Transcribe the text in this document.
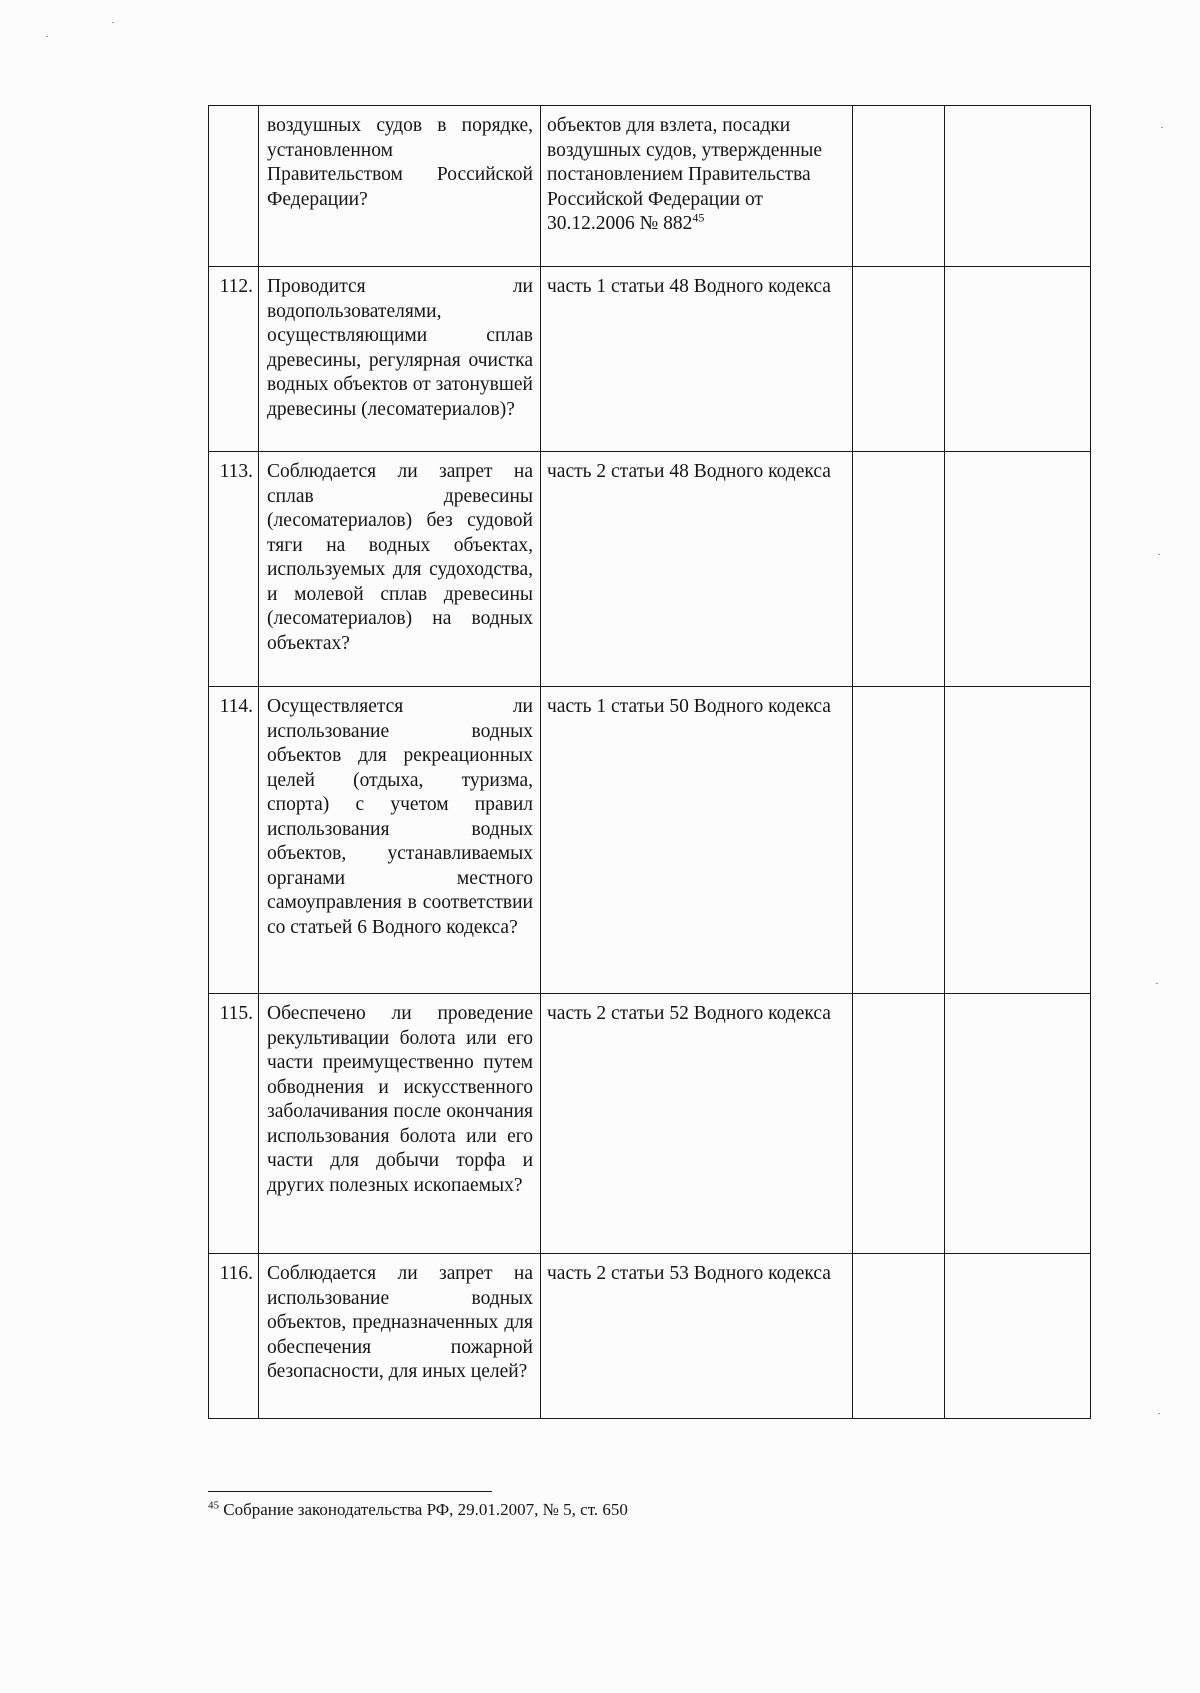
	воздушных судов в порядке, установленном Правительством Российской Федерации?	объектов для взлета, посадки воздушных судов, утвержденные постановлением Правительства Российской Федерации от 30.12.2006 № $882^{45}$		
112.	Проводится ли водопользователями, осуществляющими сплав древесины, регулярная очистка водных объектов от затонувшей древесины (лесоматериалов)?	часть 1 статьи 48 Водного кодекса		
113.	Соблюдается ли запрет на сплав древесины (лесоматериалов) без судовой тяги на водных объектах, используемых для судоходства, и молевой сплав древесины (лесоматериалов) на водных объектах?	часть 2 статьи 48 Водного кодекса		
114.	Осуществляется ли использование водных объектов для рекреационных целей (отдыха, туризма, спорта) с учетом правил использования водных объектов, устанавливаемых органами местного самоуправления в соответствии со статьей 6 Водного кодекса?	часть 1 статьи 50 Водного кодекса		
115.	Обеспечено ли проведение рекультивации болота или его части преимущественно путем обводнения и искусственного заболачивания после окончания использования болота или его части для добычи торфа и других полезных ископаемых?	часть 2 статьи 52 Водного кодекса		
116.	Соблюдается ли запрет на использование водных объектов, предназначенных для обеспечения пожарной безопасности, для иных целей?	часть 2 статьи 53 Водного кодекса		
$^{45}$ Собрание законодательства РФ, 29.01.2007, № 5, ст. 650
